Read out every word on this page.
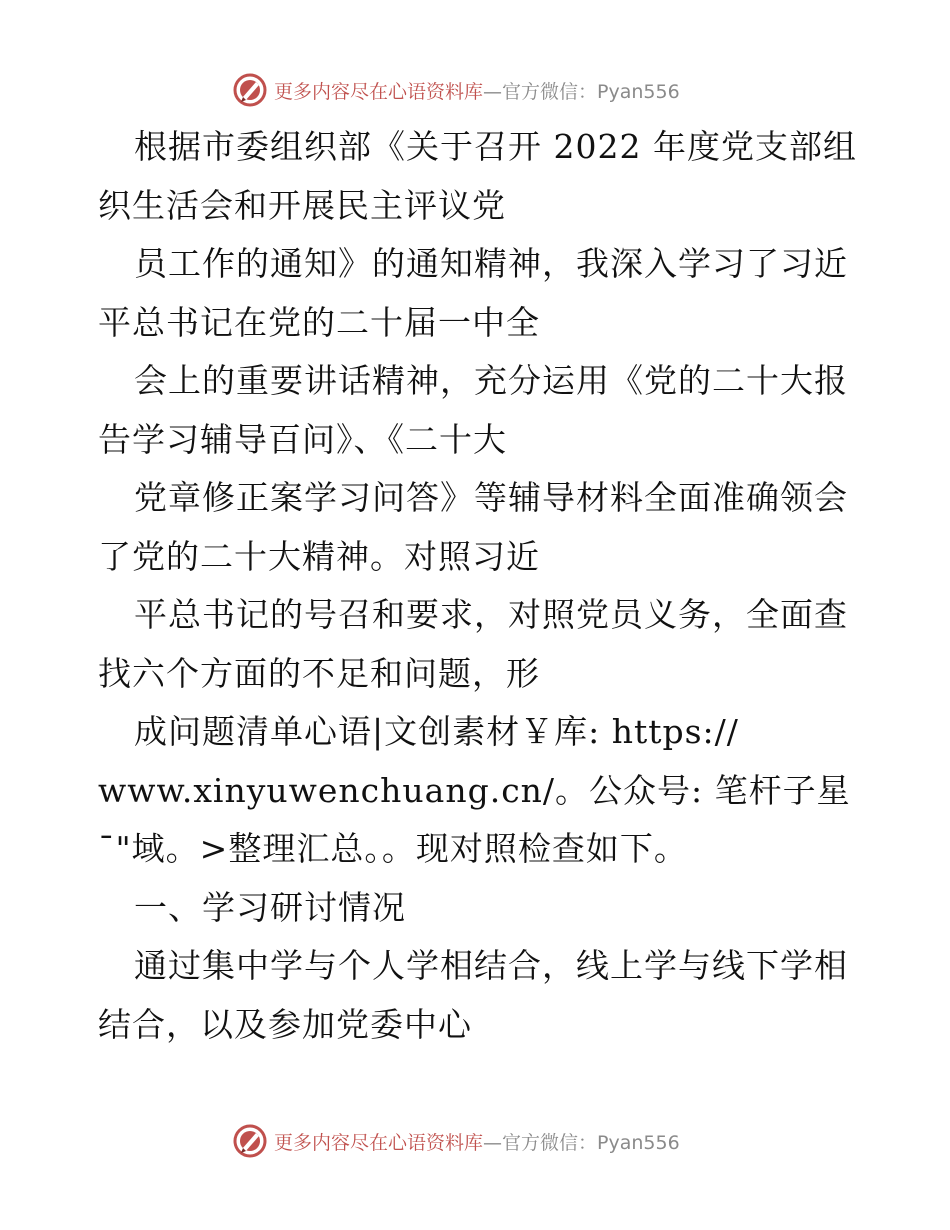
更多内容尽在心语资料库—官方微信：Pyan556
根据市委组织部《关于召开 2022 年度党支部组
织生活会和开展民主评议党
员工作的通知》的通知精神，我深入学习了习近
平总书记在党的二十届一中全
会上的重要讲话精神，充分运用《党的二十大报
告学习辅导百问》、《二十大
党章修正案学习问答》等辅导材料全面准确领会
了党的二十大精神。对照习近
平总书记的号召和要求，对照党员义务，全面查
找六个方面的不足和问题，形
成问题清单心语|文创素材￥库: https://
www.xinyuwenchuang.cn/。公众号: 笔杆子星
¯"域。>整理汇总。。现对照检查如下。
一、学习研讨情况
通过集中学与个人学相结合，线上学与线下学相
结合，以及参加党委中心
更多内容尽在心语资料库—官方微信：Pyan556
